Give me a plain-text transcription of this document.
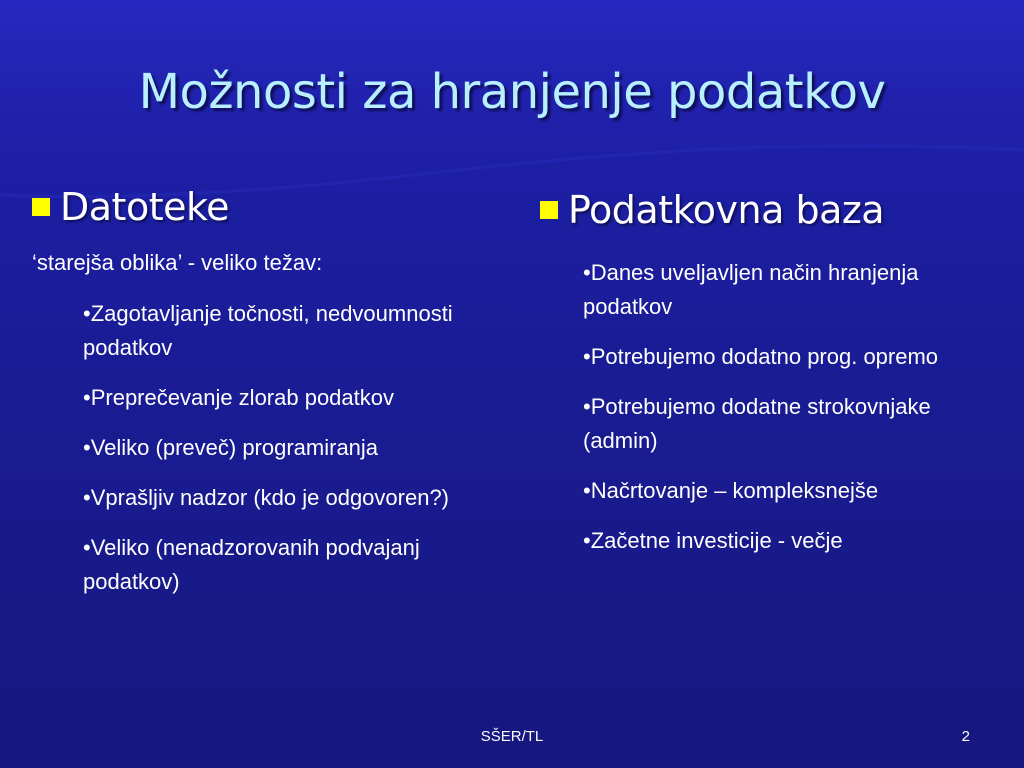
Možnosti za hranjenje podatkov
Datoteke
‘starejša oblika’ - veliko težav:
•Zagotavljanje točnosti, nedvoumnosti podatkov
•Preprečevanje zlorab podatkov
•Veliko (preveč) programiranja
•Vprašljiv nadzor (kdo je odgovoren?)
•Veliko (nenadzorovanih podvajanj podatkov)
Podatkovna baza
•Danes uveljavljen način hranjenja podatkov
•Potrebujemo dodatno prog. opremo
•Potrebujemo dodatne strokovnjake (admin)
•Načrtovanje – kompleksnejše
•Začetne investicije - večje
SŠER/TL	2
